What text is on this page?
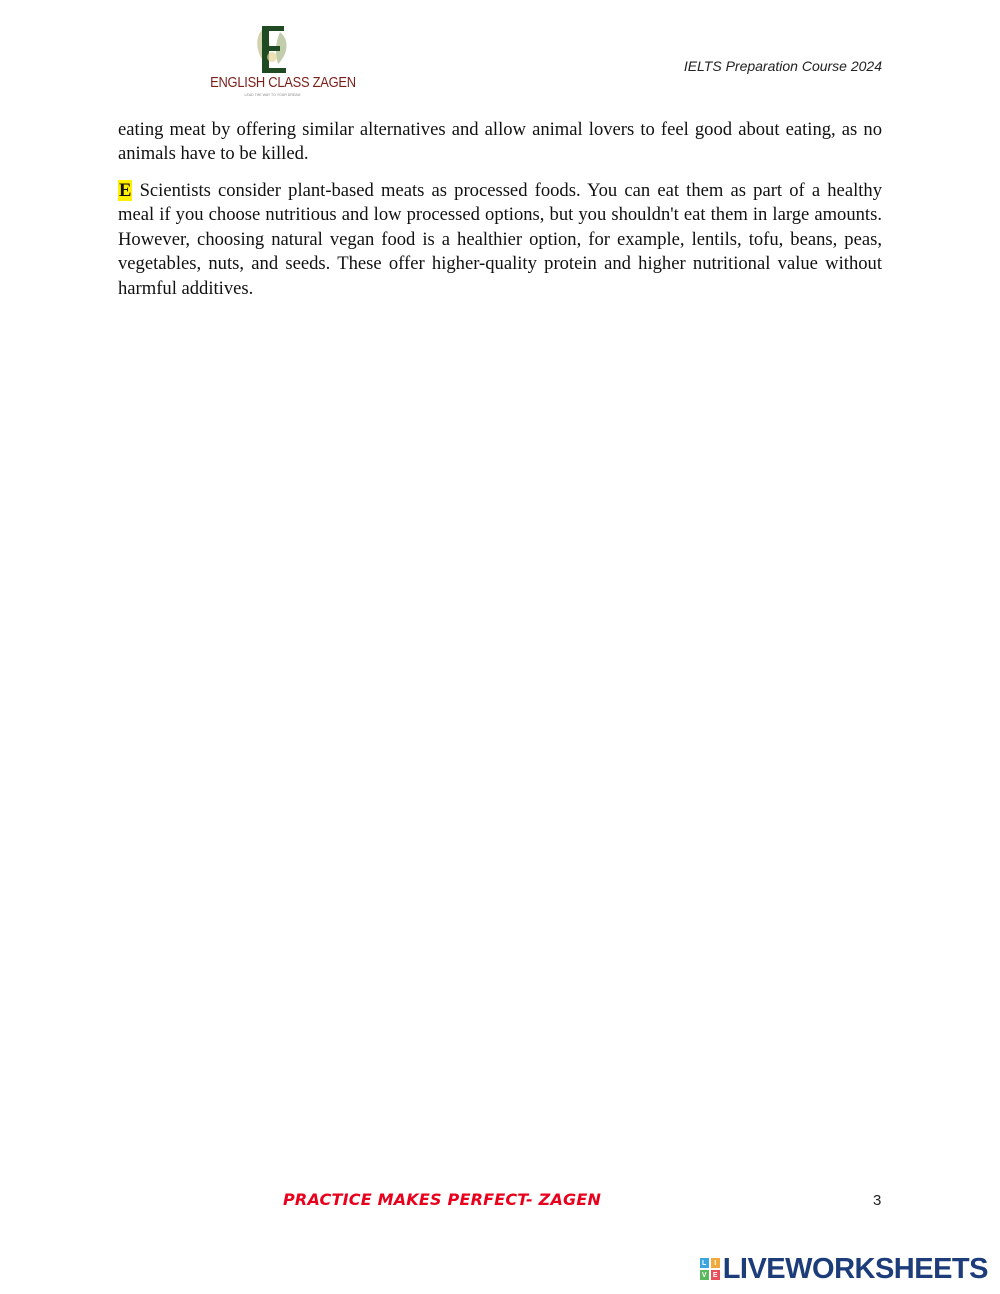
ENGLISH CLASS ZAGEN
LEAD THE WAY TO YOUR DREAM
IELTS Preparation Course 2024

eating meat by offering similar alternatives and allow animal lovers to feel good about eating, as no animals have to be killed.

E Scientists consider plant-based meats as processed foods. You can eat them as part of a healthy meal if you choose nutritious and low processed options, but you shouldn't eat them in large amounts. However, choosing natural vegan food is a healthier option, for example, lentils, tofu, beans, peas, vegetables, nuts, and seeds. These offer higher-quality protein and higher nutritional value without harmful additives.

PRACTICE MAKES PERFECT- ZAGEN	3
L	I
V E LIVEWORKSHEETS
